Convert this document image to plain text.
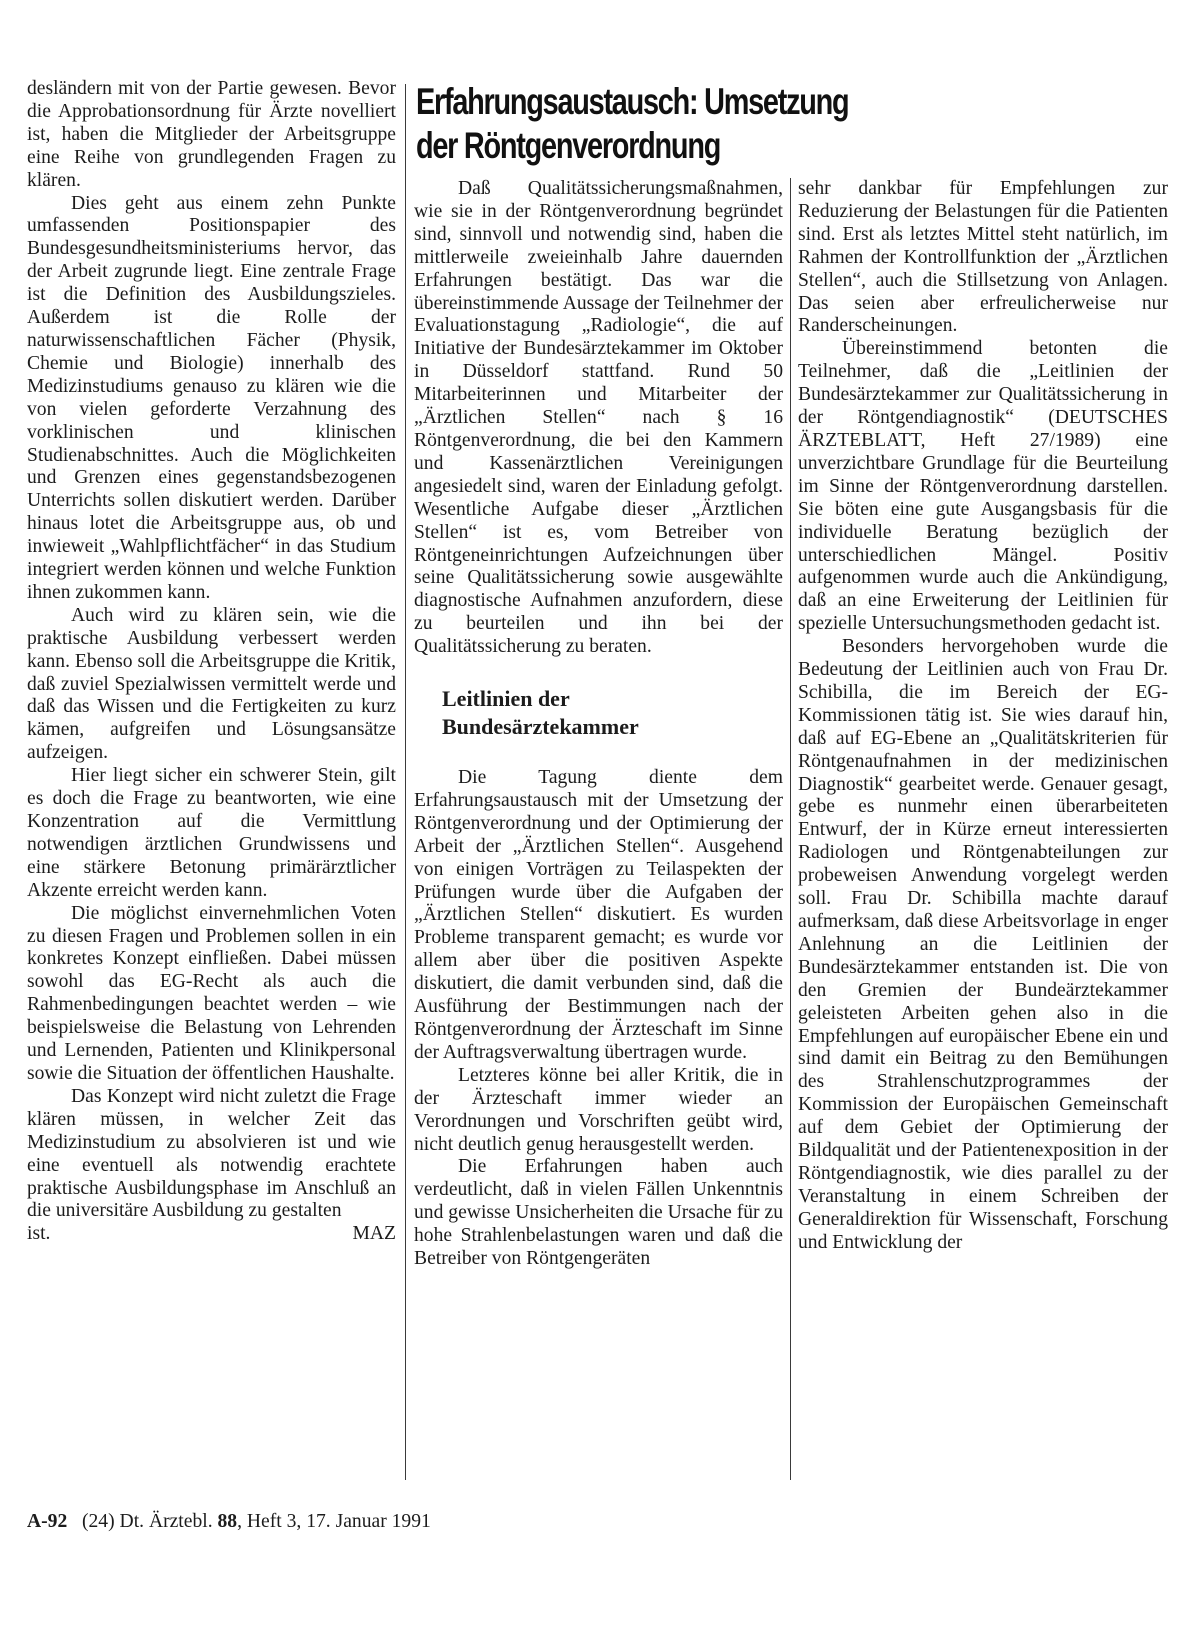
desländern mit von der Partie gewesen. Bevor die Approbationsordnung für Ärzte novelliert ist, haben die Mitglieder der Arbeitsgruppe eine Reihe von grundlegenden Fragen zu klären.

Dies geht aus einem zehn Punkte umfassenden Positionspapier des Bundesgesundheitsministeriums hervor, das der Arbeit zugrunde liegt. Eine zentrale Frage ist die Definition des Ausbildungszieles. Außerdem ist die Rolle der naturwissenschaftlichen Fächer (Physik, Chemie und Biologie) innerhalb des Medizinstudiums genauso zu klären wie die von vielen geforderte Verzahnung des vorklinischen und klinischen Studienabschnittes. Auch die Möglichkeiten und Grenzen eines gegenstandsbezogenen Unterrichts sollen diskutiert werden. Darüber hinaus lotet die Arbeitsgruppe aus, ob und inwieweit „Wahlpflichtfächer“ in das Studium integriert werden können und welche Funktion ihnen zukommen kann.

Auch wird zu klären sein, wie die praktische Ausbildung verbessert werden kann. Ebenso soll die Arbeitsgruppe die Kritik, daß zuviel Spezialwissen vermittelt werde und daß das Wissen und die Fertigkeiten zu kurz kämen, aufgreifen und Lösungsansätze aufzeigen.

Hier liegt sicher ein schwerer Stein, gilt es doch die Frage zu beantworten, wie eine Konzentration auf die Vermittlung notwendigen ärztlichen Grundwissens und eine stärkere Betonung primärärztlicher Akzente erreicht werden kann.

Die möglichst einvernehmlichen Voten zu diesen Fragen und Problemen sollen in ein konkretes Konzept einfließen. Dabei müssen sowohl das EG-Recht als auch die Rahmenbedingungen beachtet werden – wie beispielsweise die Belastung von Lehrenden und Lernenden, Patienten und Klinikpersonal sowie die Situation der öffentlichen Haushalte.

Das Konzept wird nicht zuletzt die Frage klären müssen, in welcher Zeit das Medizinstudium zu absolvieren ist und wie eine eventuell als notwendig erachtete praktische Ausbildungsphase im Anschluß an die universitäre Ausbildung zu gestalten

ist.	MAZ
Erfahrungsaustausch: Umsetzung
der Röntgenverordnung

Daß Qualitätssicherungsmaßnahmen, wie sie in der Röntgenverordnung begründet sind, sinnvoll und notwendig sind, haben die mittlerweile zweieinhalb Jahre dauernden Erfahrungen bestätigt. Das war die übereinstimmende Aussage der Teilnehmer der Evaluationstagung „Radiologie“, die auf Initiative der Bundesärztekammer im Oktober in Düsseldorf stattfand. Rund 50 Mitarbeiterinnen und Mitarbeiter der „Ärztlichen Stellen“ nach § 16 Röntgenverordnung, die bei den Kammern und Kassenärztlichen Vereinigungen angesiedelt sind, waren der Einladung gefolgt. Wesentliche Aufgabe dieser „Ärztlichen Stellen“ ist es, vom Betreiber von Röntgeneinrichtungen Aufzeichnungen über seine Qualitätssicherung sowie ausgewählte diagnostische Aufnahmen anzufordern, diese zu beurteilen und ihn bei der Qualitätssicherung zu beraten.

Leitlinien der
Bundesärztekammer

Die Tagung diente dem Erfahrungsaustausch mit der Umsetzung der Röntgenverordnung und der Optimierung der Arbeit der „Ärztlichen Stellen“. Ausgehend von einigen Vorträgen zu Teilaspekten der Prüfungen wurde über die Aufgaben der „Ärztlichen Stellen“ diskutiert. Es wurden Probleme transparent gemacht; es wurde vor allem aber über die positiven Aspekte diskutiert, die damit verbunden sind, daß die Ausführung der Bestimmungen nach der Röntgenverordnung der Ärzteschaft im Sinne der Auftragsverwaltung übertragen wurde.

Letzteres könne bei aller Kritik, die in der Ärzteschaft immer wieder an Verordnungen und Vorschriften geübt wird, nicht deutlich genug herausgestellt werden.

Die Erfahrungen haben auch verdeutlicht, daß in vielen Fällen Unkenntnis und gewisse Unsicherheiten die Ursache für zu hohe Strahlenbelastungen waren und daß die Betreiber von Röntgengeräten

sehr dankbar für Empfehlungen zur Reduzierung der Belastungen für die Patienten sind. Erst als letztes Mittel steht natürlich, im Rahmen der Kontrollfunktion der „Ärztlichen Stellen“, auch die Stillsetzung von Anlagen. Das seien aber erfreulicherweise nur Randerscheinungen.

Übereinstimmend betonten die Teilnehmer, daß die „Leitlinien der Bundesärztekammer zur Qualitätssicherung in der Röntgendiagnostik“ (DEUTSCHES ÄRZTEBLATT, Heft 27/1989) eine unverzichtbare Grundlage für die Beurteilung im Sinne der Röntgenverordnung darstellen. Sie böten eine gute Ausgangsbasis für die individuelle Beratung bezüglich der unterschiedlichen Mängel. Positiv aufgenommen wurde auch die Ankündigung, daß an eine Erweiterung der Leitlinien für spezielle Untersuchungsmethoden gedacht ist.

Besonders hervorgehoben wurde die Bedeutung der Leitlinien auch von Frau Dr. Schibilla, die im Bereich der EG-Kommissionen tätig ist. Sie wies darauf hin, daß auf EG-Ebene an „Qualitätskriterien für Röntgenaufnahmen in der medizinischen Diagnostik“ gearbeitet werde. Genauer gesagt, gebe es nunmehr einen überarbeiteten Entwurf, der in Kürze erneut interessierten Radiologen und Röntgenabteilungen zur probeweisen Anwendung vorgelegt werden soll. Frau Dr. Schibilla machte darauf aufmerksam, daß diese Arbeitsvorlage in enger Anlehnung an die Leitlinien der Bundesärztekammer entstanden ist. Die von den Gremien der Bundeärztekammer geleisteten Arbeiten gehen also in die Empfehlungen auf europäischer Ebene ein und sind damit ein Beitrag zu den Bemühungen des Strahlenschutzprogrammes der Kommission der Europäischen Gemeinschaft auf dem Gebiet der Optimierung der Bildqualität und der Patientenexposition in der Röntgendiagnostik, wie dies parallel zu der Veranstaltung in einem Schreiben der Generaldirektion für Wissenschaft, Forschung und Entwicklung der

A-92 (24) Dt. Ärztebl. 88, Heft 3, 17. Januar 1991
